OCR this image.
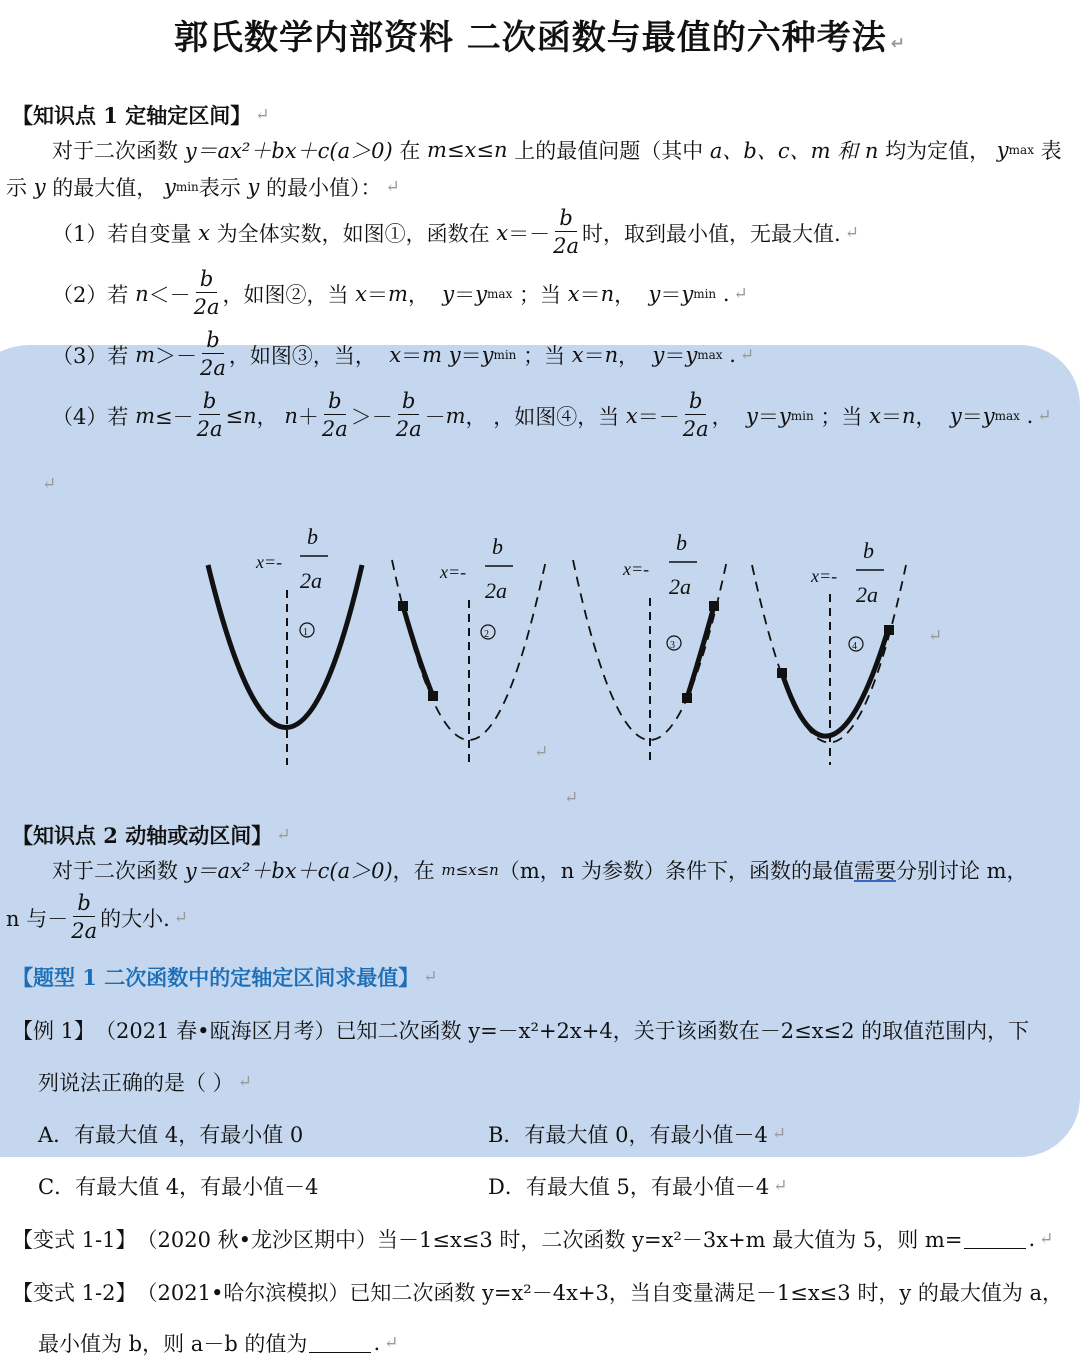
郭氏数学内部资料 二次函数与最值的六种考法 ↵
【知识点 1 定轴定区间】 ↵
对于二次函数
y＝ax²＋bx＋c (a＞0)
在
m≤x≤n
上的最值问题（其中
a、b、c、m 和 n
均为定值，
y max
表
示
y
的最大值，
y min 表示
y
的最小值）： ↵
（1）若自变量
x
为全体实数，如图①，函数在
$x =- \frac{b}{2a}$ 时，取到最小值，无最大值. ↵
（2）若
$n <- \frac{b}{2a}$ ，如图②，当
x ＝ m ， y ＝ y max
；当
x ＝ n ， y ＝ y min . ↵
（3）若
$m >- \frac{b}{2a}$ ，如图③，当，
x ＝ m
y ＝ y min
；当
x ＝ n ， y ＝ y max . ↵
（4）若
$m \le- \frac{b}{2a} \le n$ ， $n + \frac{b}{2a} >- \frac{b}{2a} - m$ ， ，如图④，当
$x =- \frac{b}{2a}$ ， y ＝ y min
；当
x ＝ n ， y ＝ y max . ↵
↵
x=-
b
2a
1
x=-
b
2a
2
x=-
b
2a
3
x=-
b
2a
4
↵
↵
↵
【知识点 2 动轴或动区间】 ↵
对于二次函数
y＝ax²＋bx＋c (a＞0) ，在
m≤x≤n （m，n 为参数）条件下，函数的最值 需要 分别讨论 m，
n 与 － $\frac{b}{2a}$ 的大小. ↵
【题型 1 二次函数中的定轴定区间求最值】 ↵
【例 1】 （2021 春•瓯海区月考）已知二次函数 y=－x²+2x+4，关于该函数在－2≤x≤2 的取值范围内，下
列说法正确的是（ ） ↵
A．有最大值 4，有最小值 0	B．有最大值 0，有最小值－4 ↵
C．有最大值 4，有最小值－4	D．有最大值 5，有最小值－4 ↵
【变式 1-1】 （2020 秋•龙沙区期中）当－1≤x≤3 时，二次函数 y=x²－3x+m 最大值为 5，则 m=	. ↵
【变式 1-2】 （2021•哈尔滨模拟）已知二次函数 y=x²－4x+3，当自变量满足－1≤x≤3 时，y 的最大值为 a，
最小值为 b，则 a－b 的值为	. ↵
